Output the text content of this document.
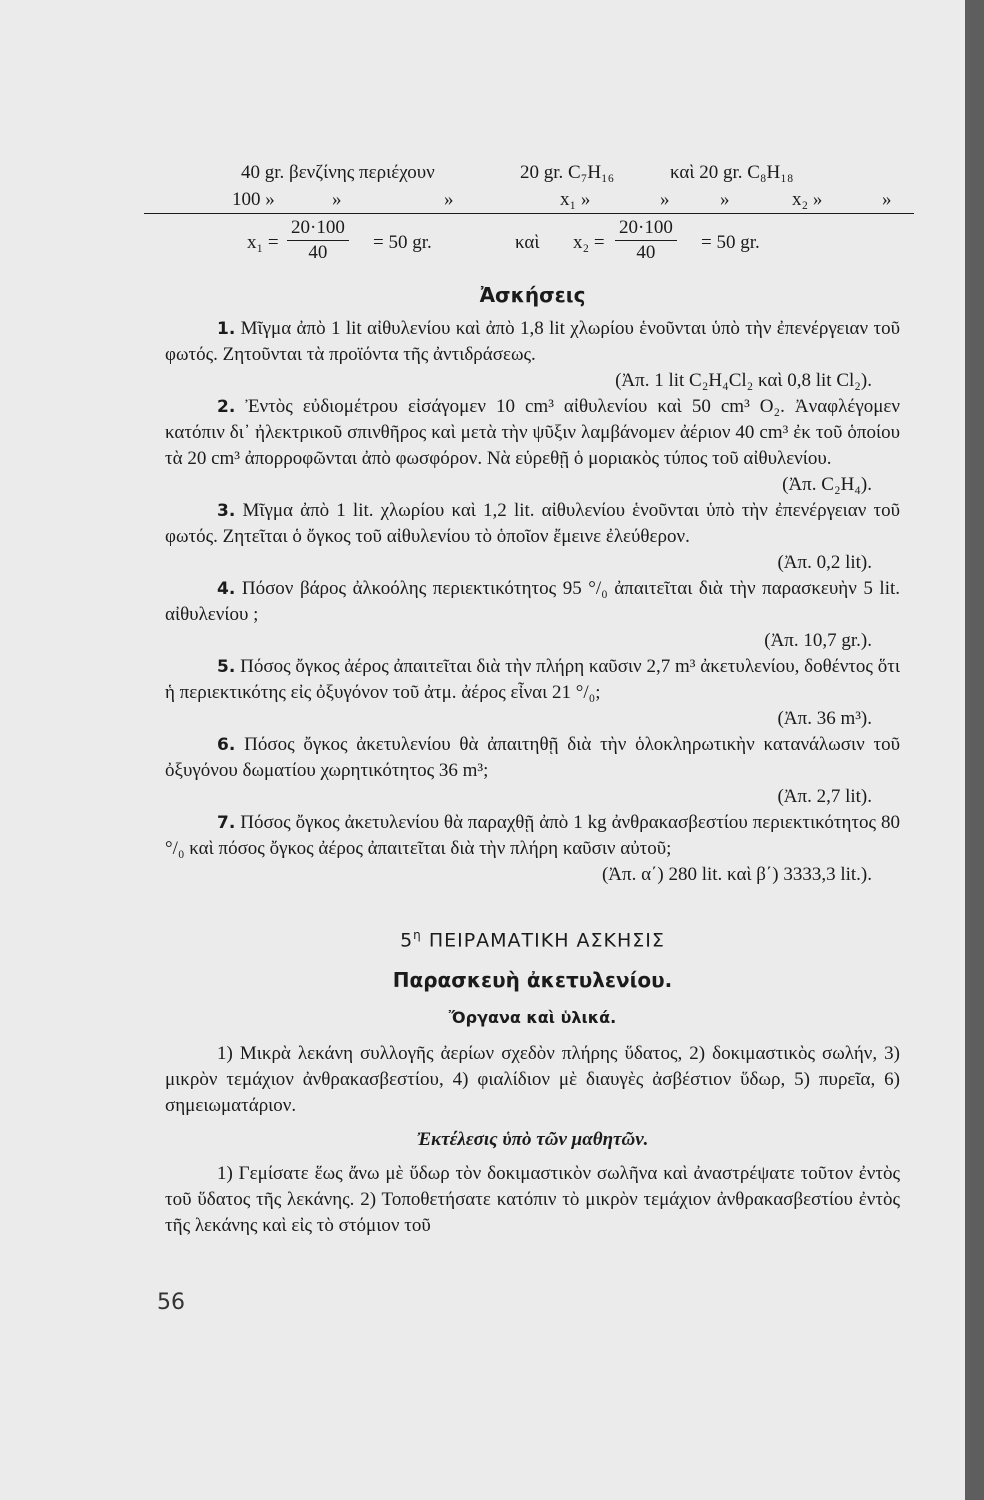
40 gr. βενζίνης περιέχουν	20 gr. C₇H₁₆	καὶ 20 gr. C₈H₁₈
100 »	»	»	x₁ »	»	»	x₂ »	»
$x_1 = \frac{20\cdot 100}{40} = 50$ gr.	καὶ $x_2 = \frac{20\cdot 100}{40} = 50$ gr.
Ἀσκήσεις

1. Μῖγμα ἀπὸ 1 lit αἰθυλενίου καὶ ἀπὸ 1,8 lit χλωρίου ἑνοῦνται ὑπὸ τὴν ἐπενέργειαν τοῦ φωτός. Ζητοῦνται τὰ προϊόντα τῆς ἀντιδράσεως.

(Ἀπ. 1 lit C₂H₄Cl₂ καὶ 0,8 lit Cl₂).

2. Ἐντὸς εὐδιομέτρου εἰσάγομεν 10 cm³ αἰθυλενίου καὶ 50 cm³ O₂. Ἀναφλέγομεν κατόπιν δι᾿ ἠλεκτρικοῦ σπινθῆρος καὶ μετὰ τὴν ψῦξιν λαμβάνομεν ἀέριον 40 cm³ ἐκ τοῦ ὁποίου τὰ 20 cm³ ἀπορροφῶνται ἀπὸ φωσφόρον. Νὰ εὑρεθῇ ὁ μοριακὸς τύπος τοῦ αἰθυλενίου.

(Ἀπ. C₂H₄).

3. Μῖγμα ἀπὸ 1 lit. χλωρίου καὶ 1,2 lit. αἰθυλενίου ἑνοῦνται ὑπὸ τὴν ἐπενέργειαν τοῦ φωτός. Ζητεῖται ὁ ὄγκος τοῦ αἰθυλενίου τὸ ὁποῖον ἔμεινε ἐλεύθερον.

(Ἀπ. 0,2 lit).

4. Πόσον βάρος ἀλκοόλης περιεκτικότητος 95 °/₀ ἀπαιτεῖται διὰ τὴν παρασκευὴν 5 lit. αἰθυλενίου ;

(Ἀπ. 10,7 gr.).

5. Πόσος ὄγκος ἀέρος ἀπαιτεῖται διὰ τὴν πλήρη καῦσιν 2,7 m³ ἀκετυλενίου, δοθέντος ὅτι ἡ περιεκτικότης εἰς ὀξυγόνον τοῦ ἀτμ. ἀέρος εἶναι 21 °/₀;

(Ἀπ. 36 m³).

6. Πόσος ὄγκος ἀκετυλενίου θὰ ἀπαιτηθῇ διὰ τὴν ὁλοκληρωτικὴν κατανάλωσιν τοῦ ὀξυγόνου δωματίου χωρητικότητος 36 m³;

(Ἀπ. 2,7 lit).

7. Πόσος ὄγκος ἀκετυλενίου θὰ παραχθῇ ἀπὸ 1 kg ἀνθρακασβεστίου περιεκτικότητος 80 °/₀ καὶ πόσος ὄγκος ἀέρος ἀπαιτεῖται διὰ τὴν πλήρη καῦσιν αὐτοῦ;

(Ἀπ. α΄) 280 lit. καὶ β΄) 3333,3 lit.).

$5^\eta$ ΠΕΙΡΑΜΑΤΙΚΗ ΑΣΚΗΣΙΣ
Παρασκευὴ ἀκετυλενίου.
Ὄργανα καὶ ὑλικά.

1) Μικρὰ λεκάνη συλλογῆς ἀερίων σχεδὸν πλήρης ὕδατος, 2) δοκιμαστικὸς σωλήν, 3) μικρὸν τεμάχιον ἀνθρακασβεστίου, 4) φιαλίδιον μὲ διαυγὲς ἀσβέστιον ὕδωρ, 5) πυρεῖα, 6) σημειωματάριον.

Ἐκτέλεσις ὑπὸ τῶν μαθητῶν.

1) Γεμίσατε ἕως ἄνω μὲ ὕδωρ τὸν δοκιμαστικὸν σωλῆνα καὶ ἀναστρέψατε τοῦτον ἐντὸς τοῦ ὕδατος τῆς λεκάνης. 2) Τοποθετήσατε κατόπιν τὸ μικρὸν τεμάχιον ἀνθρακασβεστίου ἐντὸς τῆς λεκάνης καὶ εἰς τὸ στόμιον τοῦ

56
